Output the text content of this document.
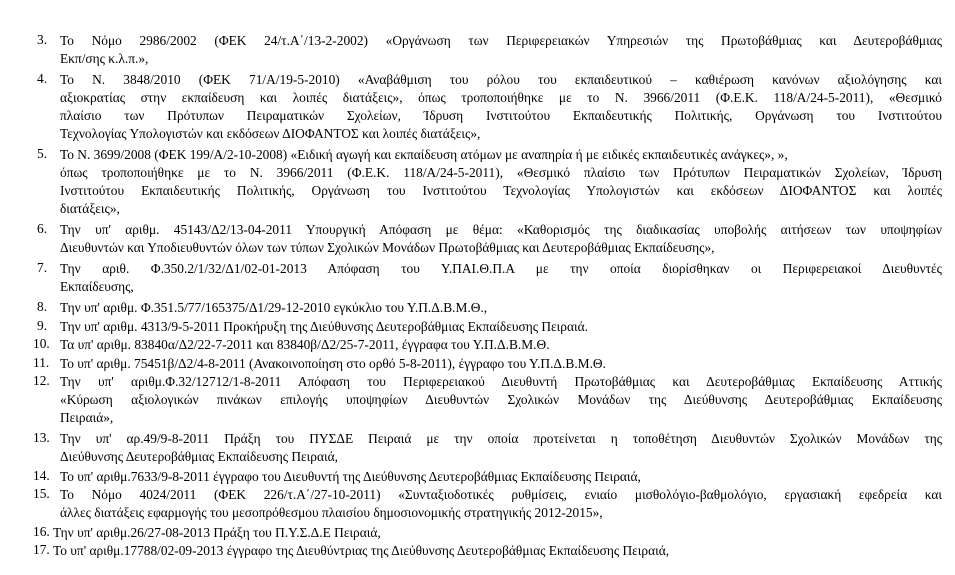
3. Το Νόμο 2986/2002 (ΦΕΚ 24/τ.Α΄/13-2-2002) «Οργάνωση των Περιφερειακών Υπηρεσιών της Πρωτοβάθμιας και Δευτεροβάθμιας
Εκπ/σης κ.λ.π.»,
4. Το Ν. 3848/2010 (ΦΕΚ 71/Α/19-5-2010) «Αναβάθμιση του ρόλου του εκπαιδευτικού – καθιέρωση κανόνων αξιολόγησης και
αξιοκρατίας στην εκπαίδευση και λοιπές διατάξεις», όπως τροποποιήθηκε με το Ν. 3966/2011 (Φ.Ε.Κ. 118/Α/24-5-2011), «Θεσμικό
πλαίσιο των Πρότυπων Πειραματικών Σχολείων, Ίδρυση Ινστιτούτου Εκπαιδευτικής Πολιτικής, Οργάνωση του Ινστιτούτου
Τεχνολογίας Υπολογιστών και εκδόσεων ΔΙΟΦΑΝΤΟΣ και λοιπές διατάξεις»,
5. Το Ν. 3699/2008 (ΦΕΚ 199/Α/2-10-2008) «Ειδική αγωγή και εκπαίδευση ατόμων με αναπηρία ή με ειδικές εκπαιδευτικές ανάγκες», »,
όπως τροποποιήθηκε με το Ν. 3966/2011 (Φ.Ε.Κ. 118/Α/24-5-2011), «Θεσμικό πλαίσιο των Πρότυπων Πειραματικών Σχολείων, Ίδρυση
Ινστιτούτου Εκπαιδευτικής Πολιτικής, Οργάνωση του Ινστιτούτου Τεχνολογίας Υπολογιστών και εκδόσεων ΔΙΟΦΑΝΤΟΣ και λοιπές
διατάξεις»,
6. Την υπ' αριθμ. 45143/Δ2/13-04-2011 Υπουργική Απόφαση με θέμα: «Καθορισμός της διαδικασίας υποβολής αιτήσεων των υποψηφίων
Διευθυντών και Υποδιευθυντών όλων των τύπων Σχολικών Μονάδων Πρωτοβάθμιας και Δευτεροβάθμιας Εκπαίδευσης»,
7. Την αριθ. Φ.350.2/1/32/Δ1/02-01-2013 Απόφαση του Υ.ΠΑΙ.Θ.Π.Α με την οποία διορίσθηκαν οι Περιφερειακοί Διευθυντές
Εκπαίδευσης,
8. Την υπ' αριθμ. Φ.351.5/77/165375/Δ1/29-12-2010 εγκύκλιο του Υ.Π.Δ.Β.Μ.Θ.,
9. Την υπ' αριθμ. 4313/9-5-2011 Προκήρυξη της Διεύθυνσης Δευτεροβάθμιας Εκπαίδευσης Πειραιά.
10. Τα υπ' αριθμ. 83840α/Δ2/22-7-2011 και 83840β/Δ2/25-7-2011, έγγραφα του Υ.Π.Δ.Β.Μ.Θ.
11. Το υπ' αριθμ. 75451β/Δ2/4-8-2011 (Ανακοινοποίηση στο ορθό 5-8-2011), έγγραφο του Υ.Π.Δ.Β.Μ.Θ.
12. Την υπ' αριθμ.Φ.32/12712/1-8-2011 Απόφαση του Περιφερειακού Διευθυντή Πρωτοβάθμιας και Δευτεροβάθμιας Εκπαίδευσης Αττικής
«Κύρωση αξιολογικών πινάκων επιλογής υποψηφίων Διευθυντών Σχολικών Μονάδων της Διεύθυνσης Δευτεροβάθμιας Εκπαίδευσης
Πειραιά»,
13. Την υπ' αρ.49/9-8-2011 Πράξη του ΠΥΣΔΕ Πειραιά με την οποία προτείνεται η τοποθέτηση Διευθυντών Σχολικών Μονάδων της
Διεύθυνσης Δευτεροβάθμιας Εκπαίδευσης Πειραιά,
14. Το υπ' αριθμ.7633/9-8-2011 έγγραφο του Διευθυντή της Διεύθυνσης Δευτεροβάθμιας Εκπαίδευσης Πειραιά,
15. Το Νόμο 4024/2011 (ΦΕΚ 226/τ.Α΄/27-10-2011) «Συνταξιοδοτικές ρυθμίσεις, ενιαίο μισθολόγιο-βαθμολόγιο, εργασιακή εφεδρεία και
άλλες διατάξεις εφαρμογής του μεσοπρόθεσμου πλαισίου δημοσιονομικής στρατηγικής 2012-2015»,
16. Την υπ' αριθμ.26/27-08-2013 Πράξη του Π.Υ.Σ.Δ.Ε Πειραιά,
17. Το υπ' αριθμ.17788/02-09-2013 έγγραφο της Διευθύντριας της Διεύθυνσης Δευτεροβάθμιας Εκπαίδευσης Πειραιά,
